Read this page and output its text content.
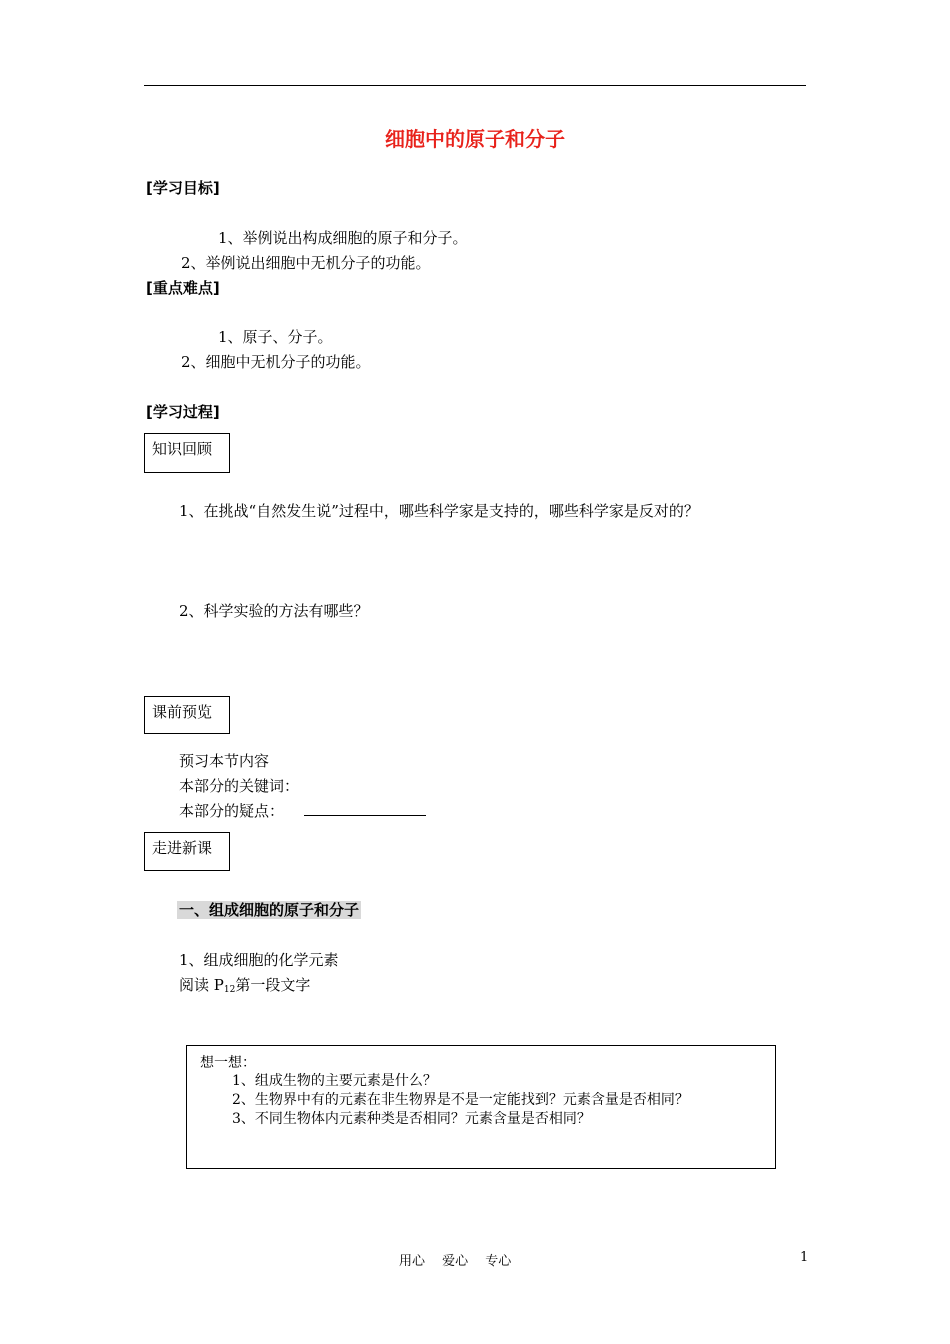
细胞中的原子和分子
[学习目标]
1、举例说出构成细胞的原子和分子。
2、举例说出细胞中无机分子的功能。
[重点难点]
1、原子、分子。
2、细胞中无机分子的功能。
[学习过程]
知识回顾
1、在挑战“自然发生说”过程中，哪些科学家是支持的，哪些科学家是反对的？
2、科学实验的方法有哪些？
课前预览
预习本节内容
本部分的关键词：
本部分的疑点：
走进新课
一、组成细胞的原子和分子
1、组成细胞的化学元素
阅读 $P_{12}$第一段文字
想一想：
1、组成生物的主要元素是什么？
2、生物界中有的元素在非生物界是不是一定能找到？元素含量是否相同？
3、不同生物体内元素种类是否相同？元素含量是否相同？
用心　 爱心　 专心	1
